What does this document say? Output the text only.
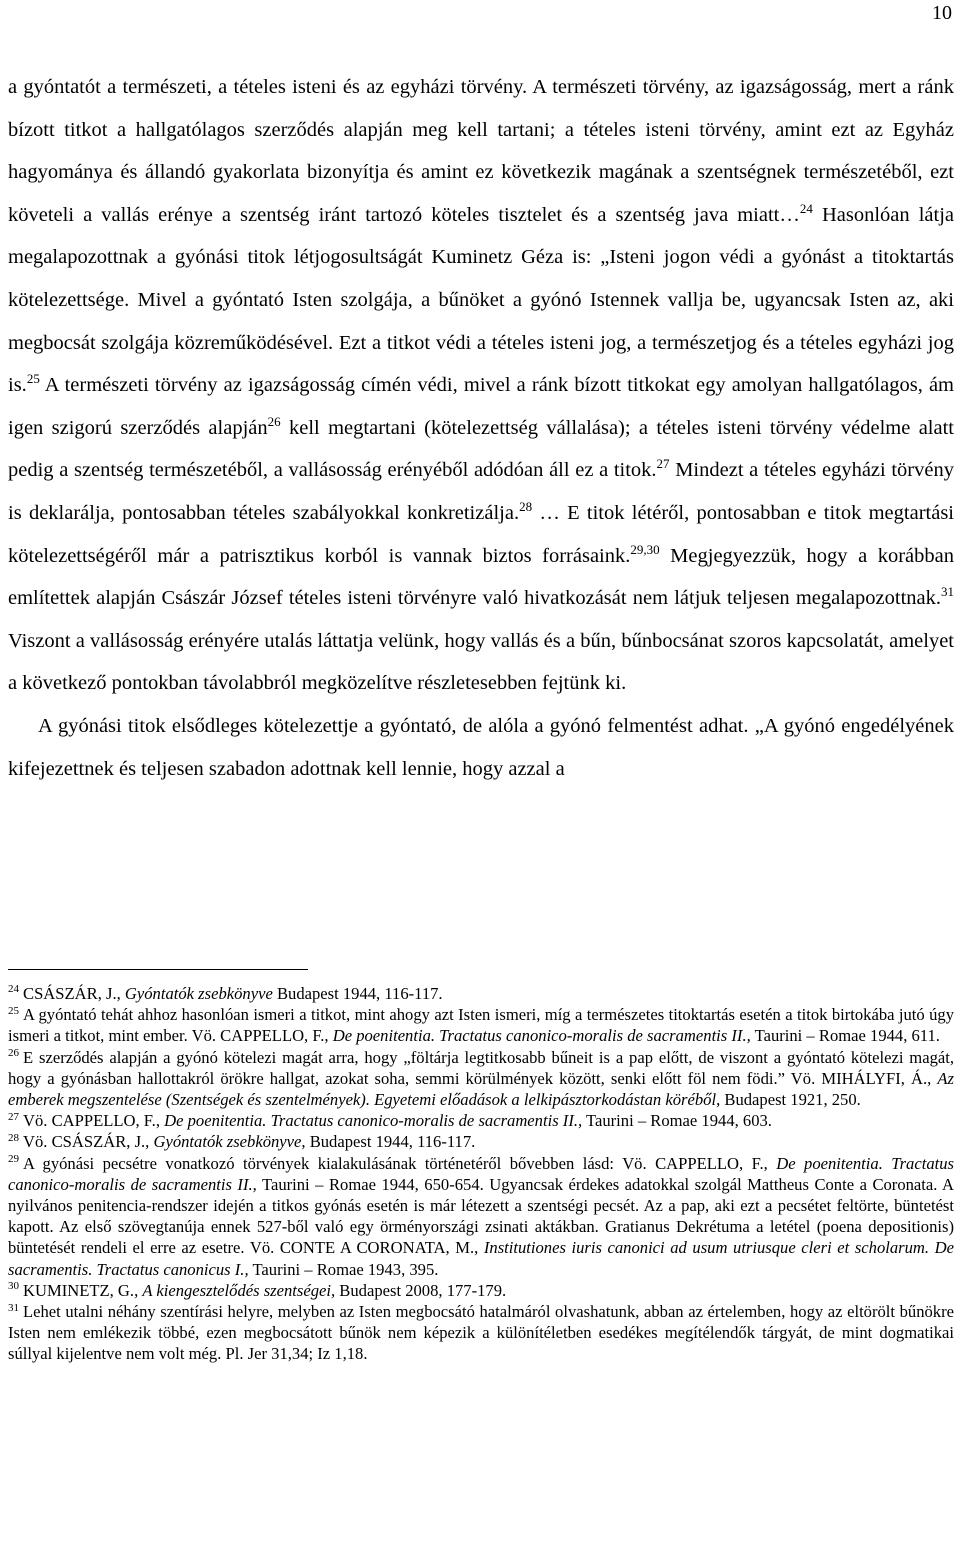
10

a gyóntatót a természeti, a tételes isteni és az egyházi törvény. A természeti törvény, az igazságosság, mert a ránk bízott titkot a hallgatólagos szerződés alapján meg kell tartani; a tételes isteni törvény, amint ezt az Egyház hagyománya és állandó gyakorlata bizonyítja és amint ez következik magának a szentségnek természetéből, ezt követeli a vallás erénye a szentség iránt tartozó köteles tisztelet és a szentség java miatt…$^{24}$ Hasonlóan látja megalapozottnak a gyónási titok létjogosultságát Kuminetz Géza is: „Isteni jogon védi a gyónást a titoktartás kötelezettsége. Mivel a gyóntató Isten szolgája, a bűnöket a gyónó Istennek vallja be, ugyancsak Isten az, aki megbocsát szolgája közreműködésével. Ezt a titkot védi a tételes isteni jog, a természetjog és a tételes egyházi jog is.$^{25}$ A természeti törvény az igazságosság címén védi, mivel a ránk bízott titkokat egy amolyan hallgatólagos, ám igen szigorú szerződés alapján$^{26}$ kell megtartani (kötelezettség vállalása); a tételes isteni törvény védelme alatt pedig a szentség természetéből, a vallásosság erényéből adódóan áll ez a titok.$^{27}$ Mindezt a tételes egyházi törvény is deklarálja, pontosabban tételes szabályokkal konkretizálja.$^{28}$ … E titok létéről, pontosabban e titok megtartási kötelezettségéről már a patrisztikus korból is vannak biztos forrásaink.$^{29,30}$ Megjegyezzük, hogy a korábban említettek alapján Császár József tételes isteni törvényre való hivatkozását nem látjuk teljesen megalapozottnak.$^{31}$ Viszont a vallásosság erényére utalás láttatja velünk, hogy vallás és a bűn, bűnbocsánat szoros kapcsolatát, amelyet a következő pontokban távolabbról megközelítve részletesebben fejtünk ki.

A gyónási titok elsődleges kötelezettje a gyóntató, de alóla a gyónó felmentést adhat. „A gyónó engedélyének kifejezettnek és teljesen szabadon adottnak kell lennie, hogy azzal a

$^{24}$ CSÁSZÁR, J., Gyóntatók zsebkönyve Budapest 1944, 116-117.

$^{25}$ A gyóntató tehát ahhoz hasonlóan ismeri a titkot, mint ahogy azt Isten ismeri, míg a természetes titoktartás esetén a titok birtokába jutó úgy ismeri a titkot, mint ember. Vö. CAPPELLO, F., De poenitentia. Tractatus canonico-moralis de sacramentis II., Taurini – Romae 1944, 611.

$^{26}$ E szerződés alapján a gyónó kötelezi magát arra, hogy „föltárja legtitkosabb bűneit is a pap előtt, de viszont a gyóntató kötelezi magát, hogy a gyónásban hallottakról örökre hallgat, azokat soha, semmi körülmények között, senki előtt föl nem födi.” Vö. MIHÁLYFI, Á., Az emberek megszentelése (Szentségek és szentelmények). Egyetemi előadások a lelkipásztorkodástan köréből, Budapest 1921, 250.

$^{27}$ Vö. CAPPELLO, F., De poenitentia. Tractatus canonico-moralis de sacramentis II., Taurini – Romae 1944, 603.

$^{28}$ Vö. CSÁSZÁR, J., Gyóntatók zsebkönyve, Budapest 1944, 116-117.

$^{29}$ A gyónási pecsétre vonatkozó törvények kialakulásának történetéről bővebben lásd: Vö. CAPPELLO, F., De poenitentia. Tractatus canonico-moralis de sacramentis II., Taurini – Romae 1944, 650-654. Ugyancsak érdekes adatokkal szolgál Mattheus Conte a Coronata. A nyilvános penitencia-rendszer idején a titkos gyónás esetén is már létezett a szentségi pecsét. Az a pap, aki ezt a pecsétet feltörte, büntetést kapott. Az első szövegtanúja ennek 527-ből való egy örményországi zsinati aktákban. Gratianus Dekrétuma a letétel (poena depositionis) büntetését rendeli el erre az esetre. Vö. CONTE A CORONATA, M., Institutiones iuris canonici ad usum utriusque cleri et scholarum. De sacramentis. Tractatus canonicus I., Taurini – Romae 1943, 395.

$^{30}$ KUMINETZ, G., A kiengesztelődés szentségei, Budapest 2008, 177-179.

$^{31}$ Lehet utalni néhány szentírási helyre, melyben az Isten megbocsátó hatalmáról olvashatunk, abban az értelemben, hogy az eltörölt bűnökre Isten nem emlékezik többé, ezen megbocsátott bűnök nem képezik a különítéletben esedékes megítélendők tárgyát, de mint dogmatikai súllyal kijelentve nem volt még. Pl. Jer 31,34; Iz 1,18.
